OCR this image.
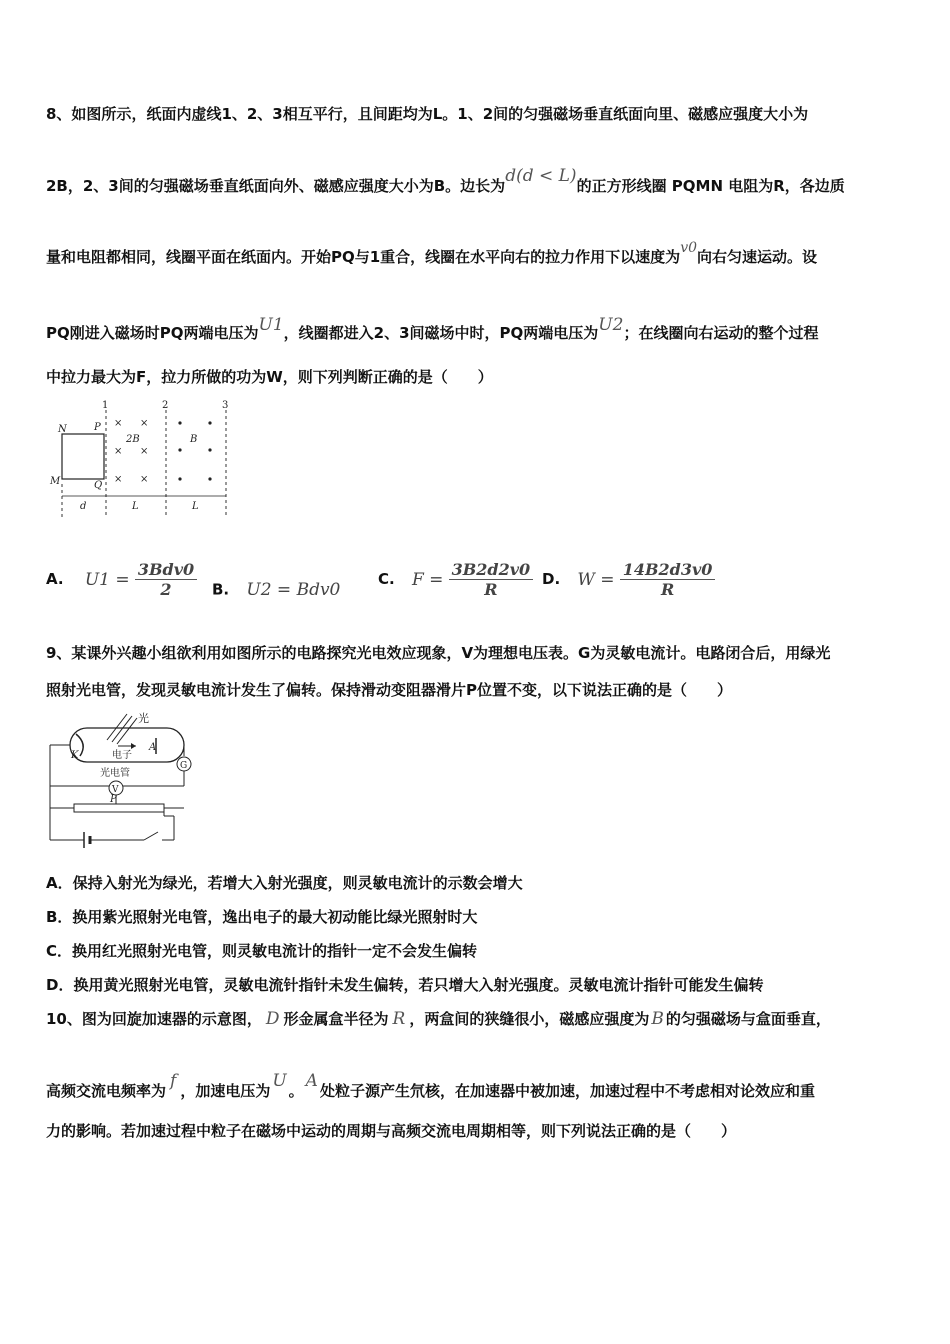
8、如图所示，纸面内虚线1、2、3相互平行，且间距均为L。1、2间的匀强磁场垂直纸面向里、磁感应强度大小为
2B，2、3间的匀强磁场垂直纸面向外、磁感应强度大小为B。边长为d(d < L)的正方形线圈 PQMN 电阻为R，各边质
量和电阻都相同，线圈平面在纸面内。开始PQ与1重合，线圈在水平向右的拉力作用下以速度为v0向右匀速运动。设
PQ刚进入磁场时PQ两端电压为U1，线圈都进入2、3间磁场中时，PQ两端电压为U2；在线圈向右运动的整个过程
中拉力最大为F，拉力所做的功为W，则下列判断正确的是（　　）
1	2	3
N	P
M	Q
× ×
× ×
× ×
2B	B
d	L	L
A. $U1 = \frac{\text{3Bdv0}}{2} B$. U2 = Bdv0
C. $F = \frac{3B2d2v0}{R} D$. $W = \frac{14B2d3v0}{R}$
9、某课外兴趣小组欲利用如图所示的电路探究光电效应现象，V为理想电压表。G为灵敏电流计。电路闭合后，用绿光
照射光电管，发现灵敏电流计发生了偏转。保持滑动变阻器滑片P位置不变，以下说法正确的是（　　）
光
K	电子
A
光电管
G
V
P
A．保持入射光为绿光，若增大入射光强度，则灵敏电流计的示数会增大
B．换用紫光照射光电管，逸出电子的最大初动能比绿光照射时大
C．换用红光照射光电管，则灵敏电流计的指针一定不会发生偏转
D．换用黄光照射光电管，灵敏电流针指针未发生偏转，若只增大入射光强度。灵敏电流计指针可能发生偏转
10、图为回旋加速器的示意图， D 形金属盒半径为 R ，两盒间的狭缝很小，磁感应强度为 B 的匀强磁场与盒面垂直，
高频交流电频率为 f ，加速电压为 U 。 A 处粒子源产生氘核，在加速器中被加速，加速过程中不考虑相对论效应和重
力的影响。若加速过程中粒子在磁场中运动的周期与高频交流电周期相等，则下列说法正确的是（　　）
